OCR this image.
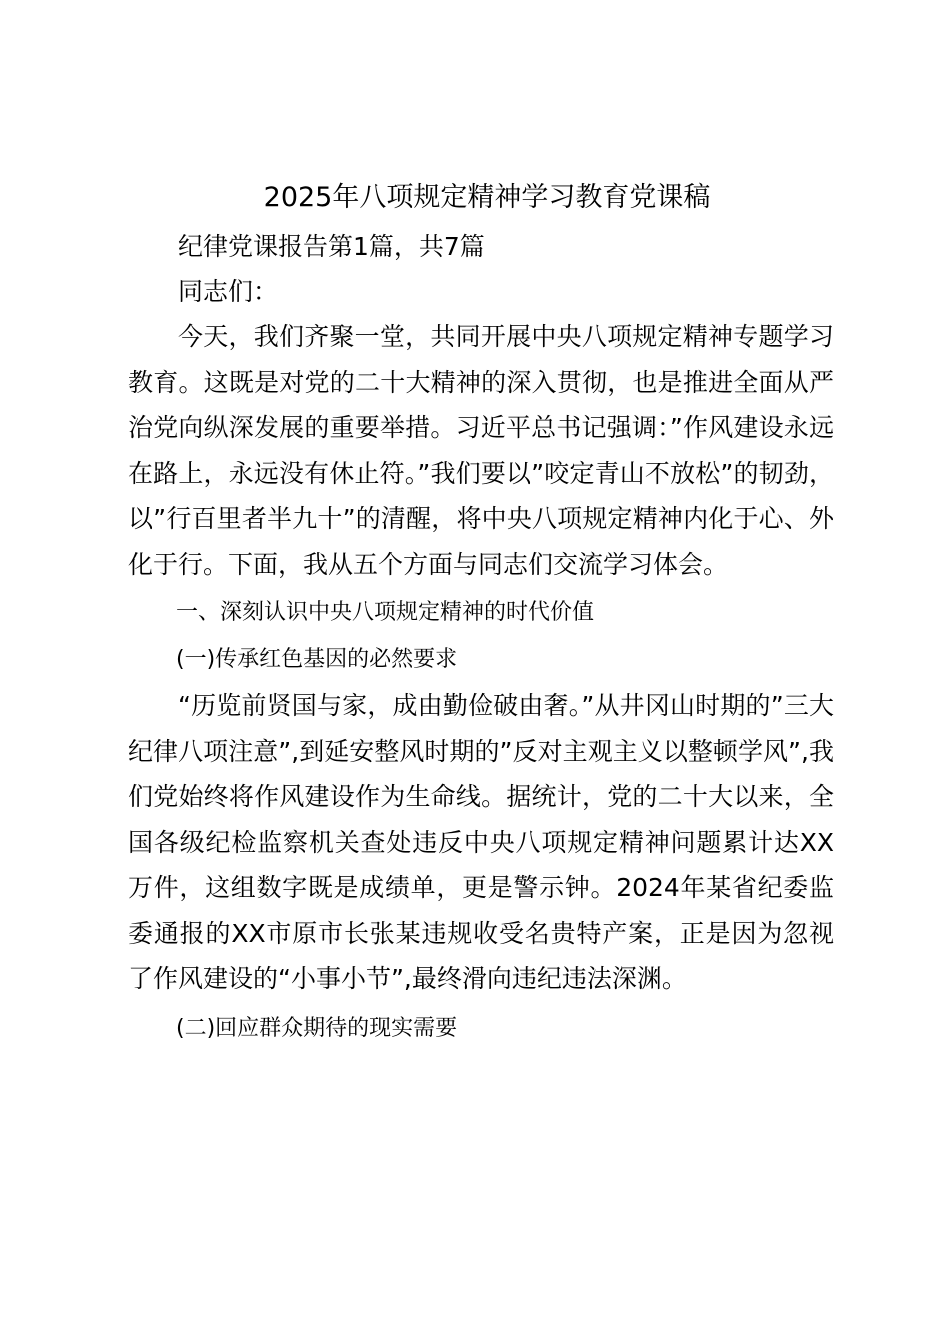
2025年八项规定精神学习教育党课稿

纪律党课报告第1篇，共7篇

同志们：

今天，我们齐聚一堂，共同开展中央八项规定精神专题学习教育。这既是对党的二十大精神的深入贯彻，也是推进全面从严治党向纵深发展的重要举措。习近平总书记强调：”作风建设永远在路上，永远没有休止符。”我们要以”咬定青山不放松”的韧劲，以”行百里者半九十”的清醒，将中央八项规定精神内化于心、外化于行。下面，我从五个方面与同志们交流学习体会。

一、深刻认识中央八项规定精神的时代价值

(一)传承红色基因的必然要求

“历览前贤国与家，成由勤俭破由奢。”从井冈山时期的”三大纪律八项注意”,到延安整风时期的”反对主观主义以整顿学风”,我们党始终将作风建设作为生命线。据统计，党的二十大以来，全国各级纪检监察机关查处违反中央八项规定精神问题累计达XX万件，这组数字既是成绩单，更是警示钟。2024年某省纪委监委通报的XX市原市长张某违规收受名贵特产案，正是因为忽视了作风建设的“小事小节”,最终滑向违纪违法深渊。

(二)回应群众期待的现实需要
